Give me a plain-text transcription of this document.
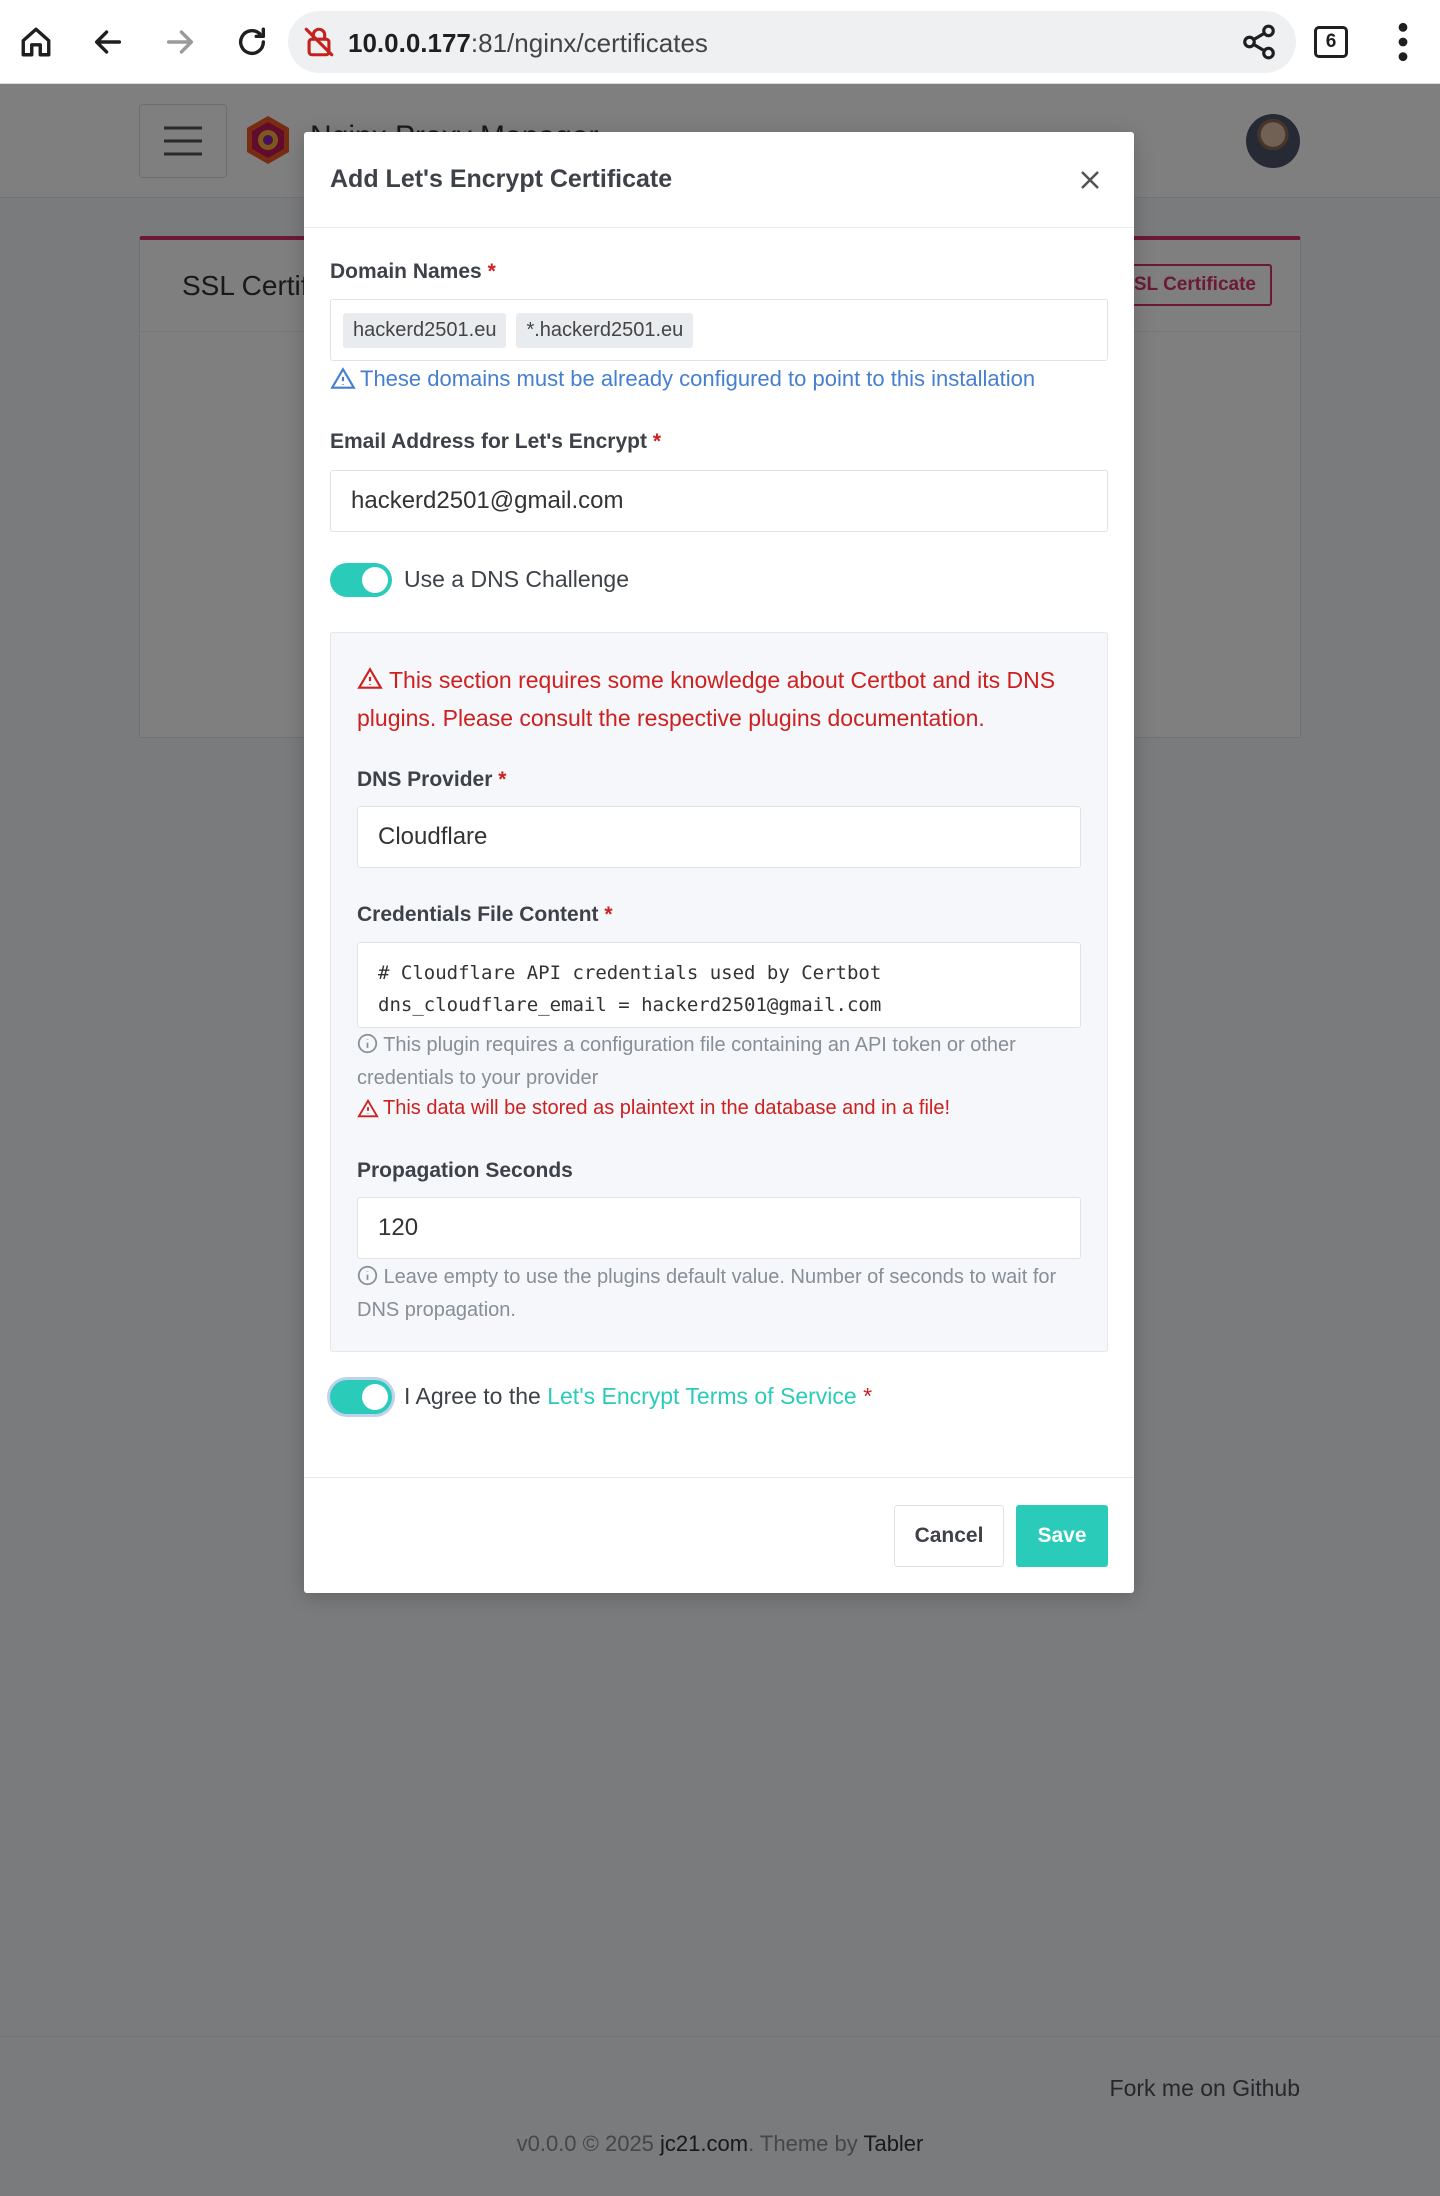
10.0.0.177:81/nginx/certificates	6
Add Let's Encrypt Certificate
Domain Names *
hackerd2501.eu	*.hackerd2501.eu
These domains must be already configured to point to this installation
Email Address for Let's Encrypt *
hackerd2501@gmail.com
Use a DNS Challenge
This section requires some knowledge about Certbot and its DNS plugins. Please consult the respective plugins documentation.
DNS Provider *
Cloudflare
Credentials File Content *
# Cloudflare API credentials used by Certbot
dns_cloudflare_email = hackerd2501@gmail.com

This plugin requires a configuration file containing an API token or other credentials to your provider
This data will be stored as plaintext in the database and in a file!
Propagation Seconds
120
Leave empty to use the plugins default value. Number of seconds to wait for DNS propagation.
I Agree to the Let's Encrypt Terms of Service *
Cancel	Save
